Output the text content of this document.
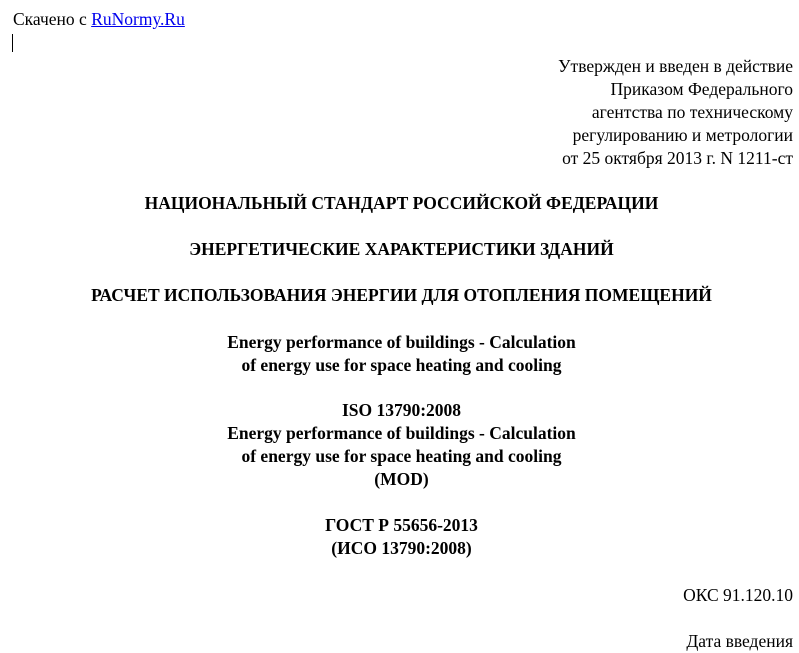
Скачено с RuNormy.Ru
Утвержден и введен в действие
Приказом Федерального
агентства по техническому
регулированию и метрологии
от 25 октября 2013 г. N 1211-ст
НАЦИОНАЛЬНЫЙ СТАНДАРТ РОССИЙСКОЙ ФЕДЕРАЦИИ
ЭНЕРГЕТИЧЕСКИЕ ХАРАКТЕРИСТИКИ ЗДАНИЙ
РАСЧЕТ ИСПОЛЬЗОВАНИЯ ЭНЕРГИИ ДЛЯ ОТОПЛЕНИЯ ПОМЕЩЕНИЙ
Energy performance of buildings - Calculation
of energy use for space heating and cooling
ISO 13790:2008
Energy performance of buildings - Calculation
of energy use for space heating and cooling
(MOD)
ГОСТ Р 55656-2013
(ИСО 13790:2008)
ОКС 91.120.10
Дата введения
